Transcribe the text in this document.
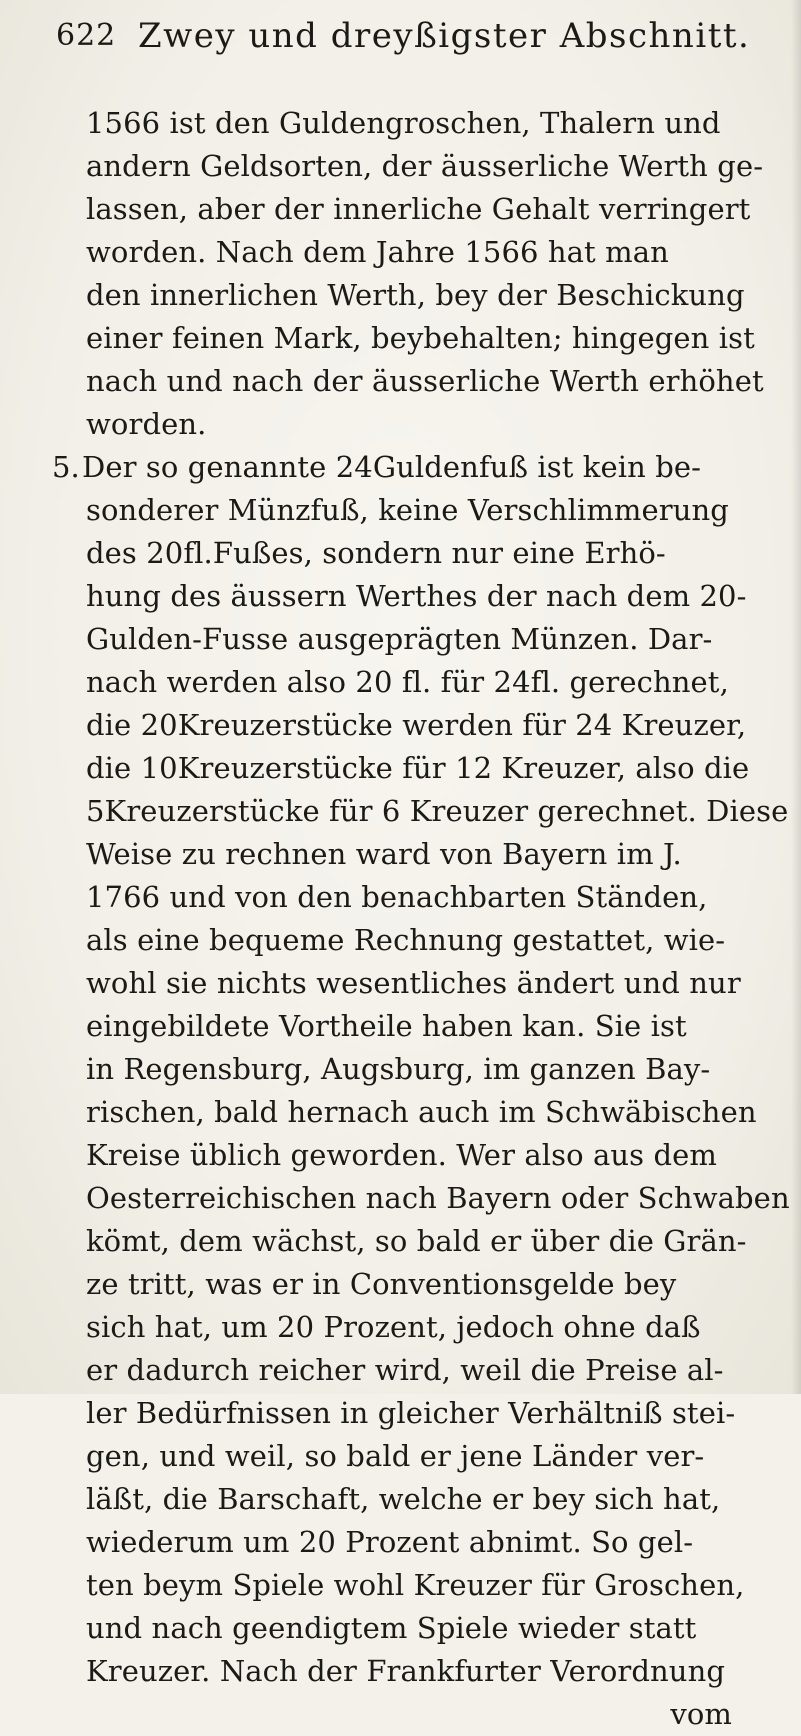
622 Zwey und dreyßigster Abschnitt.
1566 ist den Guldengroschen, Thalern und
andern Geldsorten, der äusserliche Werth ge-
lassen, aber der innerliche Gehalt verringert
worden. Nach dem Jahre 1566 hat man
den innerlichen Werth, bey der Beschickung
einer feinen Mark, beybehalten; hingegen ist
nach und nach der äusserliche Werth erhöhet
worden.
5.Der so genannte 24Guldenfuß ist kein be-
sonderer Münzfuß, keine Verschlimmerung
des 20fl.Fußes, sondern nur eine Erhö-
hung des äussern Werthes der nach dem 20-
Gulden-Fusse ausgeprägten Münzen. Dar-
nach werden also 20 fl. für 24fl. gerechnet,
die 20Kreuzerstücke werden für 24 Kreuzer,
die 10Kreuzerstücke für 12 Kreuzer, also die
5Kreuzerstücke für 6 Kreuzer gerechnet. Diese
Weise zu rechnen ward von Bayern im J.
1766 und von den benachbarten Ständen,
als eine bequeme Rechnung gestattet, wie-
wohl sie nichts wesentliches ändert und nur
eingebildete Vortheile haben kan. Sie ist
in Regensburg, Augsburg, im ganzen Bay-
rischen, bald hernach auch im Schwäbischen
Kreise üblich geworden. Wer also aus dem
Oesterreichischen nach Bayern oder Schwaben
kömt, dem wächst, so bald er über die Grän-
ze tritt, was er in Conventionsgelde bey
sich hat, um 20 Prozent, jedoch ohne daß
er dadurch reicher wird, weil die Preise al-
ler Bedürfnissen in gleicher Verhältniß stei-
gen, und weil, so bald er jene Länder ver-
läßt, die Barschaft, welche er bey sich hat,
wiederum um 20 Prozent abnimt. So gel-
ten beym Spiele wohl Kreuzer für Groschen,
und nach geendigtem Spiele wieder statt
Kreuzer. Nach der Frankfurter Verordnung
vom
